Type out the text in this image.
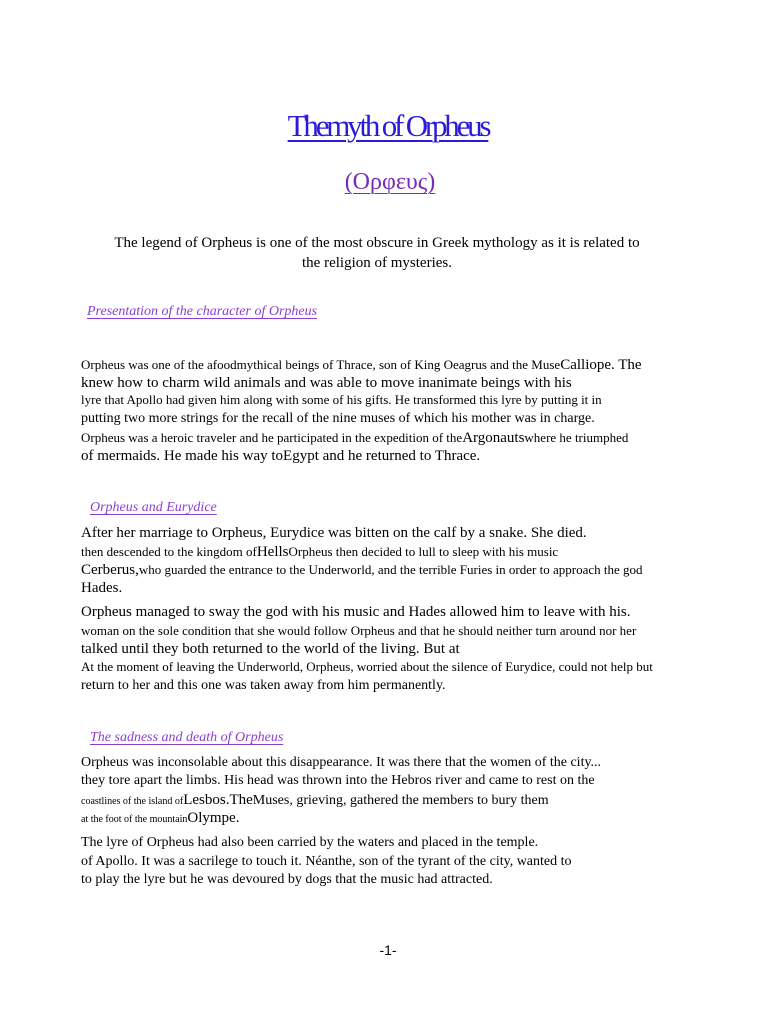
Themyth of Orpheus
(Ορφευς)
The legend of Orpheus is one of the most obscure in Greek mythology as it is related to
the religion of mysteries.
Presentation of the character of Orpheus
Orpheus was one of the afoodmythical beings of Thrace, son of King Oeagrus and the MuseCalliope. The
knew how to charm wild animals and was able to move inanimate beings with his
lyre that Apollo had given him along with some of his gifts. He transformed this lyre by putting it in
putting two more strings for the recall of the nine muses of which his mother was in charge.
Orpheus was a heroic traveler and he participated in the expedition of theArgonautswhere he triumphed
of mermaids. He made his way toEgypt and he returned to Thrace.
Orpheus and Eurydice
After her marriage to Orpheus, Eurydice was bitten on the calf by a snake. She died.
then descended to the kingdom ofHellsOrpheus then decided to lull to sleep with his music
Cerberus,who guarded the entrance to the Underworld, and the terrible Furies in order to approach the god
Hades.
Orpheus managed to sway the god with his music and Hades allowed him to leave with his.
woman on the sole condition that she would follow Orpheus and that he should neither turn around nor her
talked until they both returned to the world of the living. But at
At the moment of leaving the Underworld, Orpheus, worried about the silence of Eurydice, could not help but
return to her and this one was taken away from him permanently.
The sadness and death of Orpheus
Orpheus was inconsolable about this disappearance. It was there that the women of the city...
they tore apart the limbs. His head was thrown into the Hebros river and came to rest on the
coastlines of the island ofLesbos.TheMuses, grieving, gathered the members to bury them
at the foot of the mountainOlympe.
The lyre of Orpheus had also been carried by the waters and placed in the temple.
of Apollo. It was a sacrilege to touch it. Néanthe, son of the tyrant of the city, wanted to
to play the lyre but he was devoured by dogs that the music had attracted.
-1-
